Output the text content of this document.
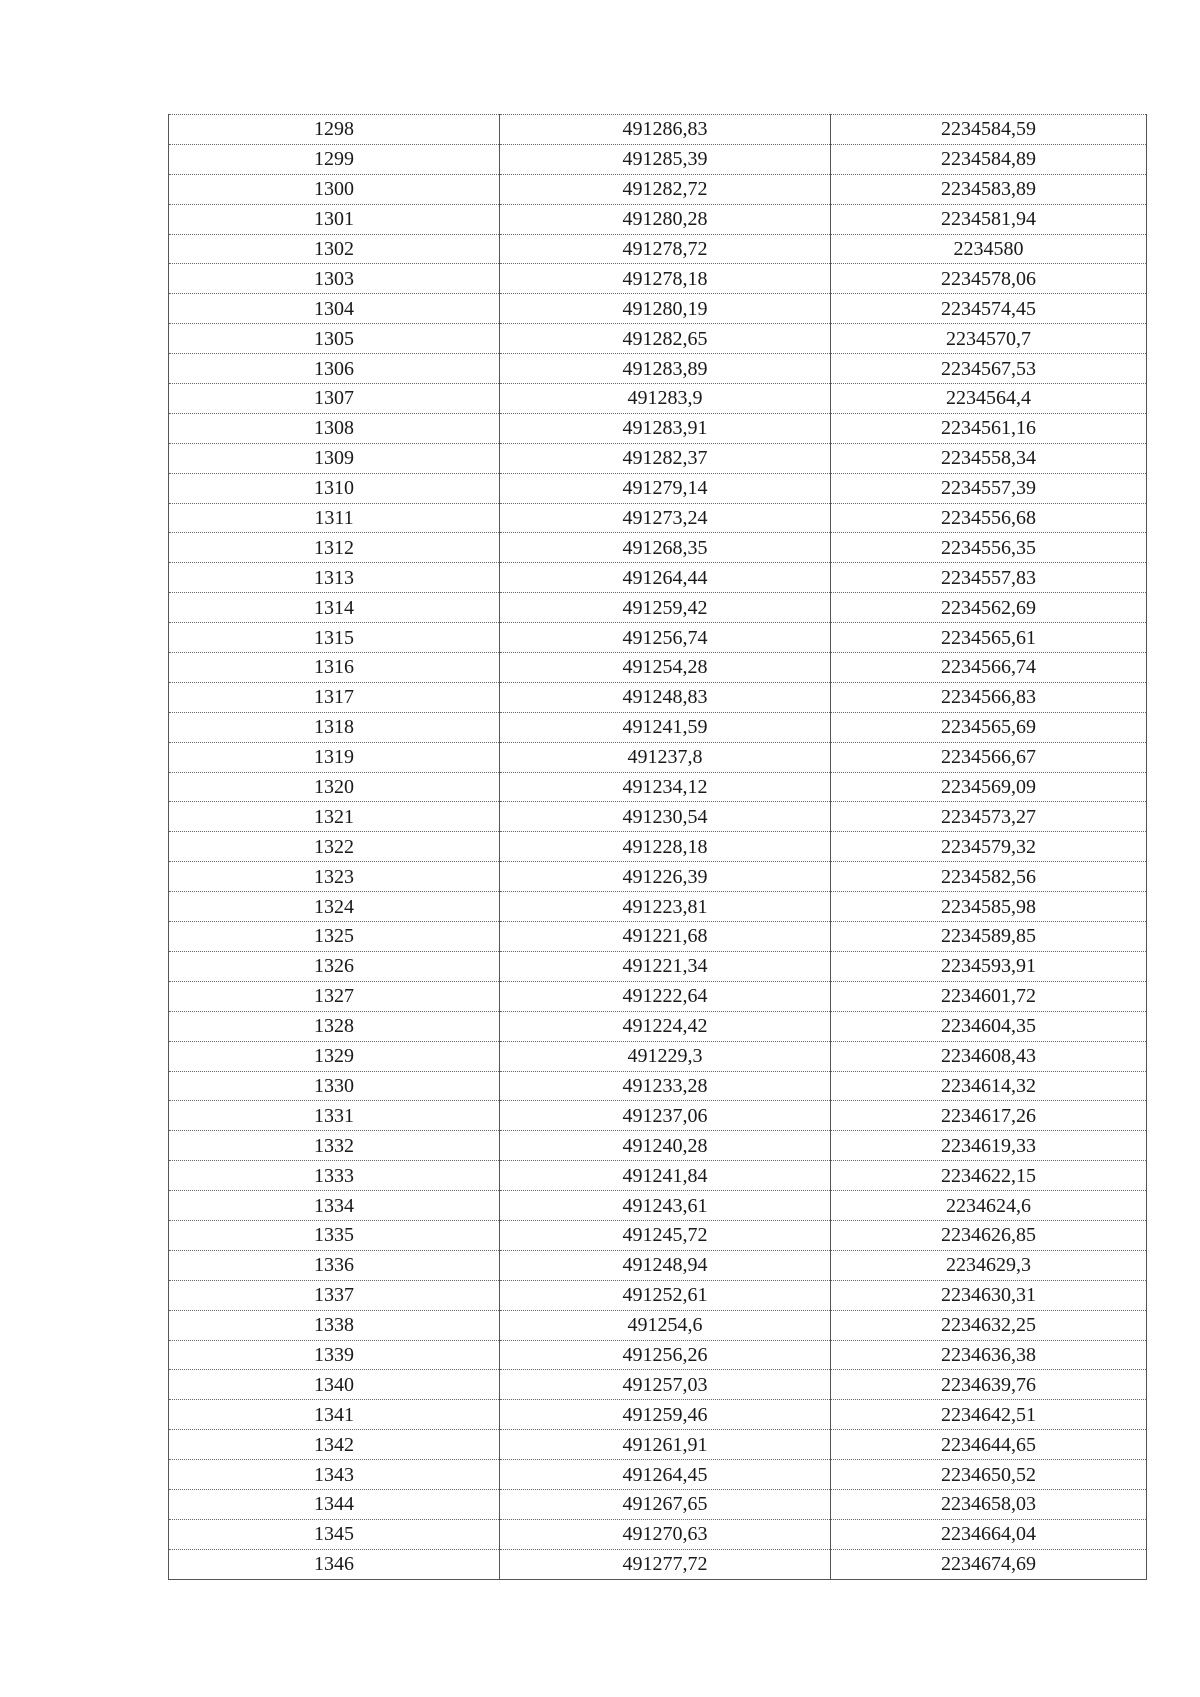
1298	491286,83	2234584,59
1299	491285,39	2234584,89
1300	491282,72	2234583,89
1301	491280,28	2234581,94
1302	491278,72	2234580
1303	491278,18	2234578,06
1304	491280,19	2234574,45
1305	491282,65	2234570,7
1306	491283,89	2234567,53
1307	491283,9	2234564,4
1308	491283,91	2234561,16
1309	491282,37	2234558,34
1310	491279,14	2234557,39
1311	491273,24	2234556,68
1312	491268,35	2234556,35
1313	491264,44	2234557,83
1314	491259,42	2234562,69
1315	491256,74	2234565,61
1316	491254,28	2234566,74
1317	491248,83	2234566,83
1318	491241,59	2234565,69
1319	491237,8	2234566,67
1320	491234,12	2234569,09
1321	491230,54	2234573,27
1322	491228,18	2234579,32
1323	491226,39	2234582,56
1324	491223,81	2234585,98
1325	491221,68	2234589,85
1326	491221,34	2234593,91
1327	491222,64	2234601,72
1328	491224,42	2234604,35
1329	491229,3	2234608,43
1330	491233,28	2234614,32
1331	491237,06	2234617,26
1332	491240,28	2234619,33
1333	491241,84	2234622,15
1334	491243,61	2234624,6
1335	491245,72	2234626,85
1336	491248,94	2234629,3
1337	491252,61	2234630,31
1338	491254,6	2234632,25
1339	491256,26	2234636,38
1340	491257,03	2234639,76
1341	491259,46	2234642,51
1342	491261,91	2234644,65
1343	491264,45	2234650,52
1344	491267,65	2234658,03
1345	491270,63	2234664,04
1346	491277,72	2234674,69
